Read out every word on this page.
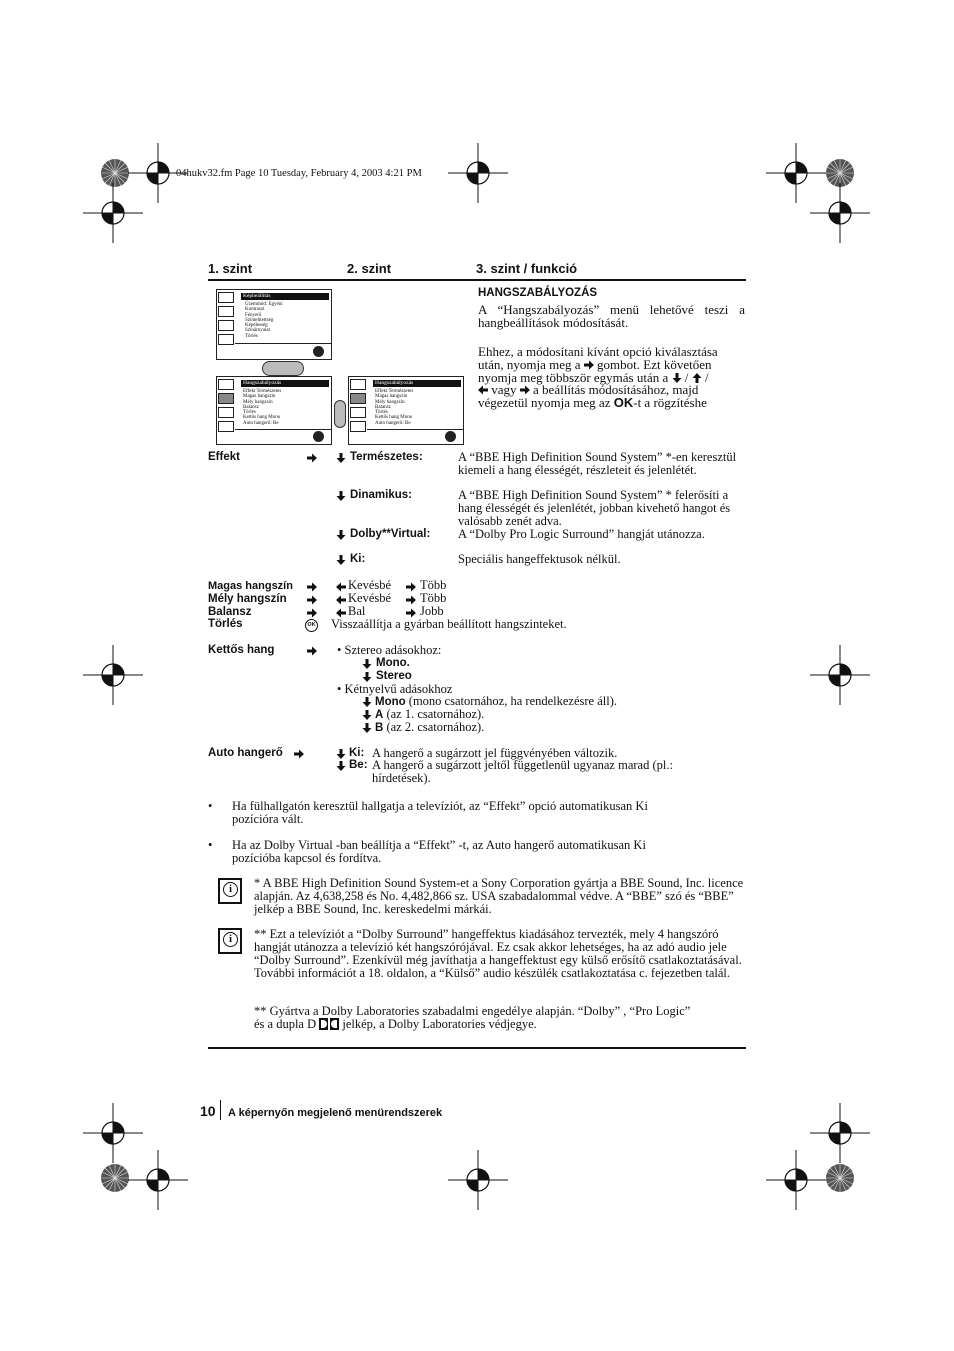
04hukv32.fm Page 10 Tuesday, February 4, 2003 4:21 PM
1. szint	2. szint	3. szint / funkció
Képbeállítás
Üzemmód: Egyéni
Kontraszt
Fényerő
Színtelítettség
Képélesség
Színárnyalat
Törlés
Hangszabályozás
Effekt Természetes
Magas hangszín
Mély hangszín
Balansz
Törlés
Kettős hang Mono
Auto hangerő: Be
Hangszabályozás
Effekt Természetes
Magas hangszín
Mély hangszín
Balansz
Törlés
Kettős hang Mono
Auto hangerő: Be
HANGSZABÁLYOZÁS
A “Hangszabályozás” menü lehetővé teszi a hangbeállítások módosítását.
Ehhez, a módosítani kívánt opció kiválasztása
után, nyomja meg a gombot. Ezt követően
nyomja meg többször egymás után a / /
vagy a beállítás módosításához, majd
végezetül nyomja meg az OK-t a rögzítéshe
Effekt	Természetes:	A “BBE High Definition Sound System” *-en keresztül kiemeli a hang élességét, részleteit és jelenlétét.
Dinamikus:	A “BBE High Definition Sound System” * felerősíti a hang élességét és jelenlétét, jobban kivehető hangot és valósabb zenét adva.
Dolby**Virtual: A “Dolby Pro Logic Surround” hangját utánozza.
Ki:	Speciális hangeffektusok nélkül.
Magas hangszín	Kevésbé Több
Mély hangszín	Kevésbé Több
Balansz	Bal	Jobb
Törlés	OK Visszaállítja a gyárban beállított hangszinteket.
Kettős hang	• Sztereo adásokhoz:
Mono.
Stereo
• Kétnyelvű adásokhoz
Mono (mono csatornához, ha rendelkezésre áll).
A (az 1. csatornához).
B (az 2. csatornához).
Auto hangerő	Ki: A hangerő a sugárzott jel függvényében változik.
Be: A hangerő a sugárzott jeltől függetlenül ugyanaz marad (pl.:
hírdetések).
• Ha fülhallgatón keresztül hallgatja a televíziót, az “Effekt” opció automatikusan Ki
pozícióra vált.
• Ha az Dolby Virtual -ban beállítja a “Effekt” -t, az Auto hangerő automatikusan Ki
pozícióba kapcsol és fordítva.
i	* A BBE High Definition Sound System-et a Sony Corporation gyártja a BBE Sound, Inc. licence alapján. Az 4,638,258 és No. 4,482,866 sz. USA szabadalommal védve. A “BBE” szó és “BBE” jelkép a BBE Sound, Inc. kereskedelmi márkái.
i	** Ezt a televíziót a “Dolby Surround” hangeffektus kiadásához tervezték, mely 4 hangszóró hangját utánozza a televízió két hangszórójával. Ez csak akkor lehetséges, ha az adó audio jele “Dolby Surround”. Ezenkívül még javíthatja a hangeffektust egy külső erősítő csatlakoztatásával. További információt a 18. oldalon, a “Külső” audio készülék csatlakoztatása c. fejezetben talál.
** Gyártva a Dolby Laboratories szabadalmi engedélye alapján. “Dolby” , “Pro Logic”
és a dupla D jelkép, a Dolby Laboratories védjegye.
10 A képernyőn megjelenő menürendszerek
